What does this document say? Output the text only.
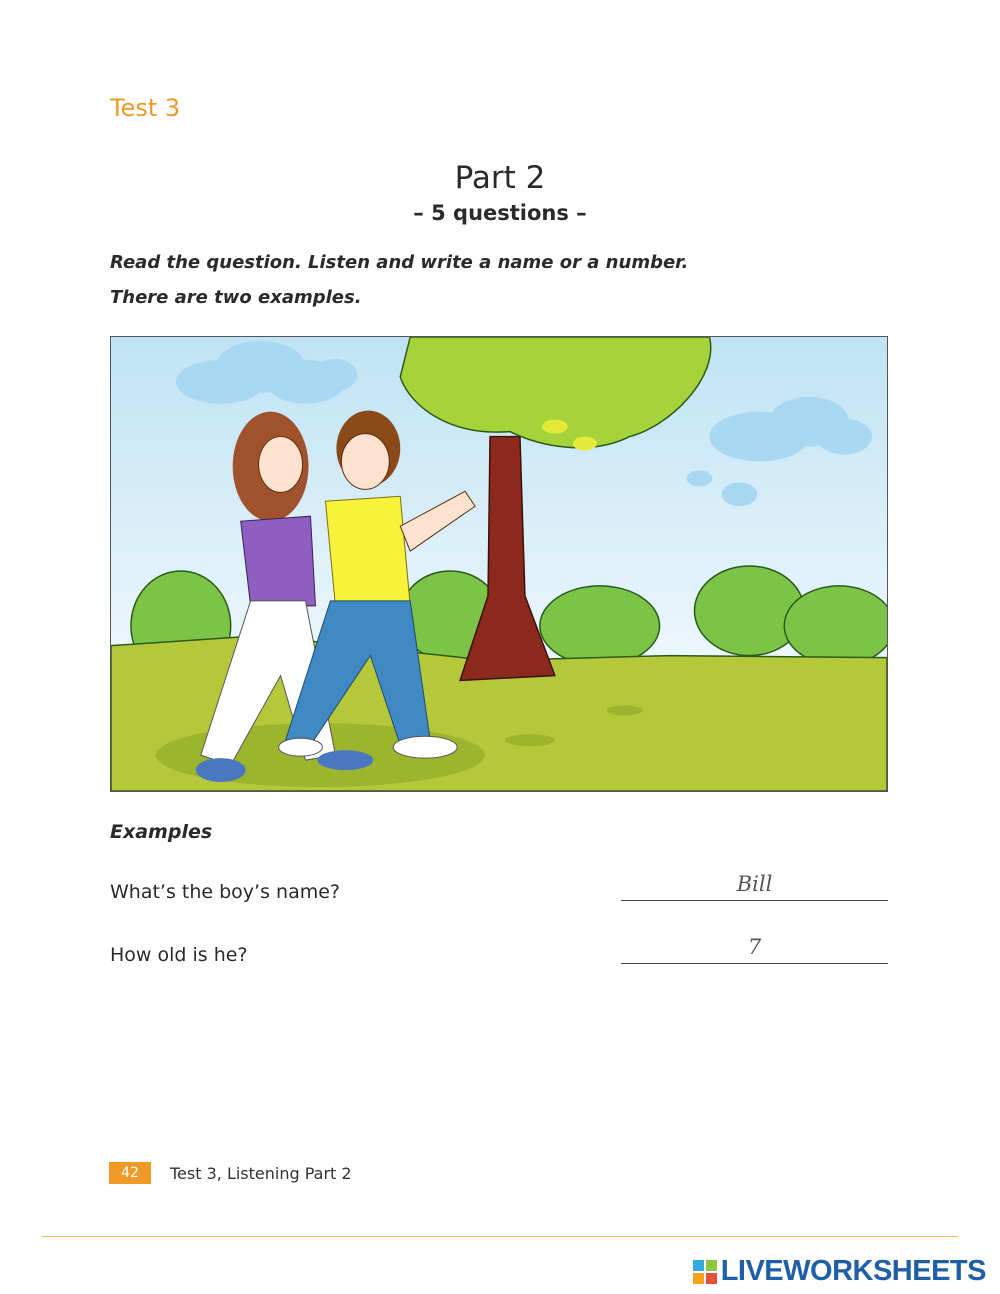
Test 3
Part 2
– 5 questions –
Read the question. Listen and write a name or a number.
There are two examples.
Examples
What’s the boy’s name?	Bill
How old is he?	7
42	Test 3, Listening Part 2
LIVEWORKSHEETS
